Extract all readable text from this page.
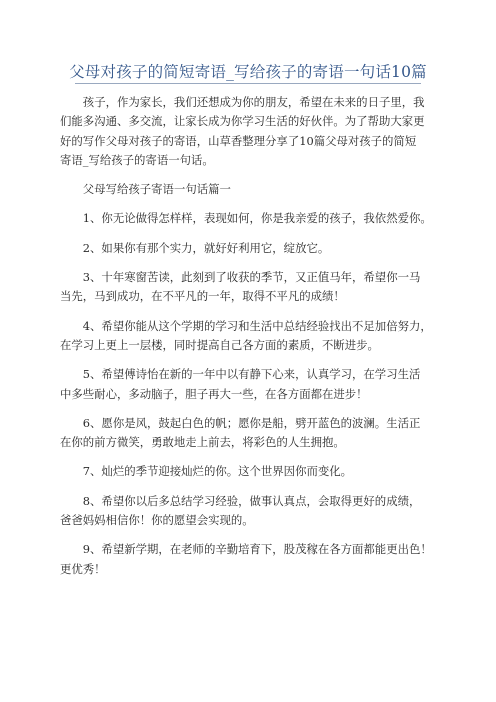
父母对孩子的简短寄语_写给孩子的寄语一句话10篇

孩子，作为家长，我们还想成为你的朋友，希望在未来的日子里，我
们能多沟通、多交流，让家长成为你学习生活的好伙伴。为了帮助大家更
好的写作父母对孩子的寄语，山草香整理分享了10篇父母对孩子的简短
寄语_写给孩子的寄语一句话。

父母写给孩子寄语一句话篇一

1、你无论做得怎样样，表现如何，你是我亲爱的孩子，我依然爱你。

2、如果你有那个实力，就好好利用它，绽放它。

3、十年寒窗苦读，此刻到了收获的季节，又正值马年，希望你一马
当先，马到成功，在不平凡的一年，取得不平凡的成绩！

4、希望你能从这个学期的学习和生活中总结经验找出不足加倍努力，
在学习上更上一层楼，同时提高自己各方面的素质，不断进步。

5、希望傅诗怡在新的一年中以有静下心来，认真学习，在学习生活
中多些耐心，多动脑子，胆子再大一些，在各方面都在进步！

6、愿你是风，鼓起白色的帆；愿你是船，劈开蓝色的波澜。生活正
在你的前方微笑，勇敢地走上前去，将彩色的人生拥抱。

7、灿烂的季节迎接灿烂的你。这个世界因你而变化。

8、希望你以后多总结学习经验，做事认真点，会取得更好的成绩，
爸爸妈妈相信你！你的愿望会实现的。

9、希望新学期，在老师的辛勤培育下，股茂稼在各方面都能更出色！
更优秀！
